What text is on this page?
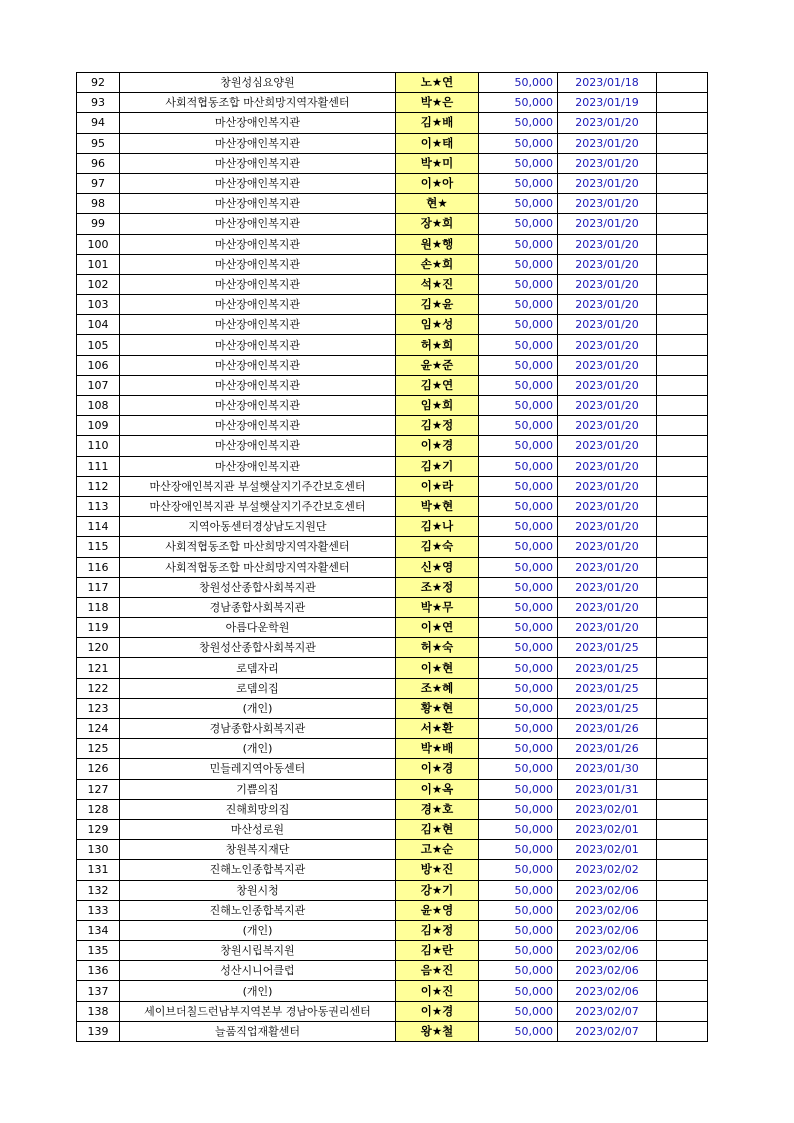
92	창원성심요양원	노★연	50,000	2023/01/18	
93	사회적협동조합 마산희망지역자활센터	박★은	50,000	2023/01/19	
94	마산장애인복지관	김★배	50,000	2023/01/20	
95	마산장애인복지관	이★태	50,000	2023/01/20	
96	마산장애인복지관	박★미	50,000	2023/01/20	
97	마산장애인복지관	이★아	50,000	2023/01/20	
98	마산장애인복지관	현★	50,000	2023/01/20	
99	마산장애인복지관	장★희	50,000	2023/01/20	
100	마산장애인복지관	원★행	50,000	2023/01/20	
101	마산장애인복지관	손★희	50,000	2023/01/20	
102	마산장애인복지관	석★진	50,000	2023/01/20	
103	마산장애인복지관	김★윤	50,000	2023/01/20	
104	마산장애인복지관	임★성	50,000	2023/01/20	
105	마산장애인복지관	허★희	50,000	2023/01/20	
106	마산장애인복지관	윤★준	50,000	2023/01/20	
107	마산장애인복지관	김★연	50,000	2023/01/20	
108	마산장애인복지관	임★희	50,000	2023/01/20	
109	마산장애인복지관	김★정	50,000	2023/01/20	
110	마산장애인복지관	이★경	50,000	2023/01/20	
111	마산장애인복지관	김★기	50,000	2023/01/20	
112	마산장애인복지관 부설햇살지기주간보호센터	이★라	50,000	2023/01/20	
113	마산장애인복지관 부설햇살지기주간보호센터	박★현	50,000	2023/01/20	
114	지역아동센터경상남도지원단	김★나	50,000	2023/01/20	
115	사회적협동조합 마산희망지역자활센터	김★숙	50,000	2023/01/20	
116	사회적협동조합 마산희망지역자활센터	신★영	50,000	2023/01/20	
117	창원성산종합사회복지관	조★정	50,000	2023/01/20	
118	경남종합사회복지관	박★무	50,000	2023/01/20	
119	아름다운학원	이★연	50,000	2023/01/20	
120	창원성산종합사회복지관	허★숙	50,000	2023/01/25	
121	로뎀자리	이★현	50,000	2023/01/25	
122	로뎀의집	조★혜	50,000	2023/01/25	
123	(개인)	황★현	50,000	2023/01/25	
124	경남종합사회복지관	서★환	50,000	2023/01/26	
125	(개인)	박★배	50,000	2023/01/26	
126	민들레지역아동센터	이★경	50,000	2023/01/30	
127	기쁨의집	이★옥	50,000	2023/01/31	
128	진해희망의집	경★호	50,000	2023/02/01	
129	마산성로원	김★현	50,000	2023/02/01	
130	창원복지재단	고★순	50,000	2023/02/01	
131	진해노인종합복지관	방★진	50,000	2023/02/02	
132	창원시청	강★기	50,000	2023/02/06	
133	진해노인종합복지관	윤★영	50,000	2023/02/06	
134	(개인)	김★정	50,000	2023/02/06	
135	창원시립복지원	김★란	50,000	2023/02/06	
136	성산시니어클럽	음★진	50,000	2023/02/06	
137	(개인)	이★진	50,000	2023/02/06	
138	세이브더칠드런남부지역본부 경남아동권리센터	이★경	50,000	2023/02/07	
139	늘품직업재활센터	왕★철	50,000	2023/02/07	
